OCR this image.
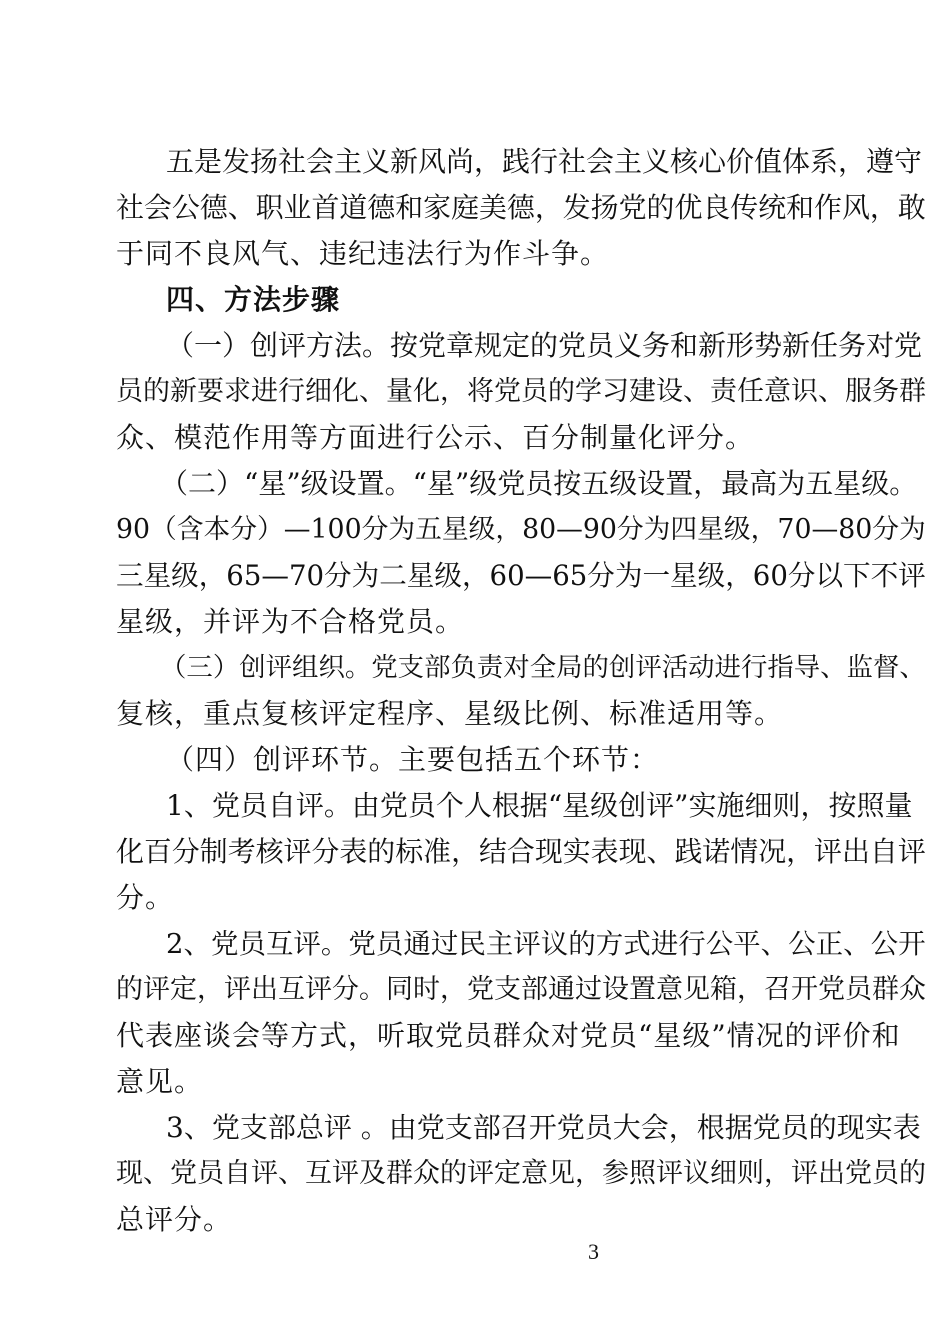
五是发扬社会主义新风尚，践行社会主义核心价值体系，遵守
社会公德、职业首道德和家庭美德，发扬党的优良传统和作风，敢
于同不良风气、违纪违法行为作斗争。
四、方法步骤
（一）创评方法。按党章规定的党员义务和新形势新任务对党
员的新要求进行细化、量化，将党员的学习建设、责任意识、服务群
众、模范作用等方面进行公示、百分制量化评分。
（二）“星”级设置。“星”级党员按五级设置，最高为五星级。
90（含本分）—100分为五星级，80—90分为四星级，70—80分为
三星级，65—70分为二星级，60—65分为一星级，60分以下不评
星级，并评为不合格党员。
（三）创评组织。党支部负责对全局的创评活动进行指导、监督、
复核，重点复核评定程序、星级比例、标准适用等。
（四）创评环节。主要包括五个环节：
1、党员自评。由党员个人根据“星级创评”实施细则，按照量
化百分制考核评分表的标准，结合现实表现、践诺情况，评出自评
分。
2、党员互评。党员通过民主评议的方式进行公平、公正、公开
的评定，评出互评分。同时，党支部通过设置意见箱，召开党员群众
代表座谈会等方式，听取党员群众对党员“星级”情况的评价和
意见。
3、党支部总评 。由党支部召开党员大会，根据党员的现实表
现、党员自评、互评及群众的评定意见，参照评议细则，评出党员的
总评分。
3
